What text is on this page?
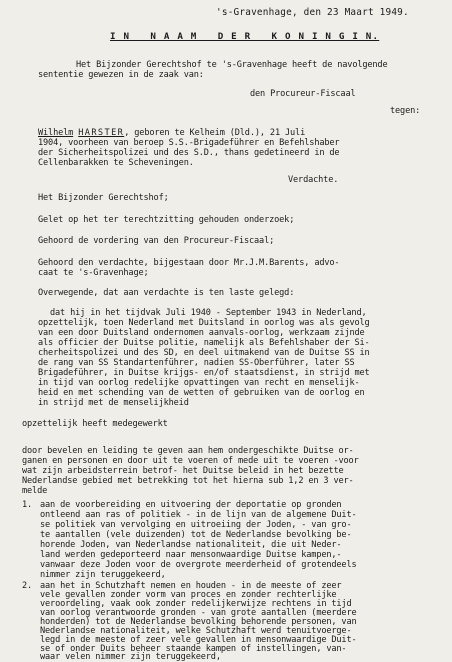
's-Gravenhage, den 23 Maart 1949.
I N   N A A M   D E R   K O N I N G I N.
Het Bijzonder Gerechtshof te 's-Gravenhage heeft de navolgende
sententie gewezen in de zaak van:
den Procureur-Fiscaal
tegen:
Wilhelm HARSTER, geboren te Kelheim (Dld.), 21 Juli
1904, voorheen van beroep S.S.-Brigadeführer en Befehlshaber
der Sicherheitspolizei und des S.D., thans gedetineerd in de
Cellenbarakken te Scheveningen.
Verdachte.
Het Bijzonder Gerechtshof;
Gelet op het ter terechtzitting gehouden onderzoek;
Gehoord de vordering van den Procureur-Fiscaal;
Gehoord den verdachte, bijgestaan door Mr.J.M.Barents, advo-
caat te 's-Gravenhage;
Overwegende, dat aan verdachte is ten laste gelegd:
dat hij in het tijdvak Juli 1940 - September 1943 in Nederland,
opzettelijk, toen Nederland met Duitsland in oorlog was als gevolg
van een door Duitsland ondernomen aanvals-oorlog, werkzaam zijnde
als officier der Duitse politie, namelijk als Befehlshaber der Si-
cherheitspolizei und des SD, en deel uitmakend van de Duitse SS in
de rang van SS Standartenführer, nadien SS-Oberführer, later SS
Brigadeführer, in Duitse krijgs- en/of staatsdienst, in strijd met
in tijd van oorlog redelijke opvattingen van recht en menselijk-
heid en met schending van de wetten of gebruiken van de oorlog en
in strijd met de menselijkheid
opzettelijk heeft medegewerkt
door bevelen en leiding te geven aan hem ondergeschikte Duitse or-
ganen en personen en door uit te voeren of mede uit te voeren -voor
wat zijn arbeidsterrein betrof- het Duitse beleid in het bezette
Nederlandse gebied met betrekking tot het hierna sub 1,2 en 3 ver-
melde
1. aan de voorbereiding en uitvoering der deportatie op gronden
ontleend aan ras of politiek - in de lijn van de algemene Duit-
se politiek van vervolging en uitroeiing der Joden, - van gro-
te aantallen (vele duizenden) tot de Nederlandse bevolking be-
horende Joden, van Nederlandse nationaliteit, die uit Neder-
land werden gedeporteerd naar mensonwaardige Duitse kampen,-
vanwaar deze Joden voor de overgrote meerderheid of grotendeels
nimmer zijn teruggekeerd,
2. aan het in Schutzhaft nemen en houden - in de meeste of zeer
vele gevallen zonder vorm van proces en zonder rechterlijke
veroordeling, vaak ook zonder redelijkerwijze rechtens in tijd
van oorlog verantwoorde gronden - van grote aantallen (meerdere
honderden) tot de Nederlandse bevolking behorende personen, van
Nederlandse nationaliteit, welke Schutzhaft werd tenuitvoerge-
legd in de meeste of zeer vele gevallen in mensonwaardige Duit-
se of onder Duits beheer staande kampen of instellingen, van-
waar velen nimmer zijn teruggekeerd,
